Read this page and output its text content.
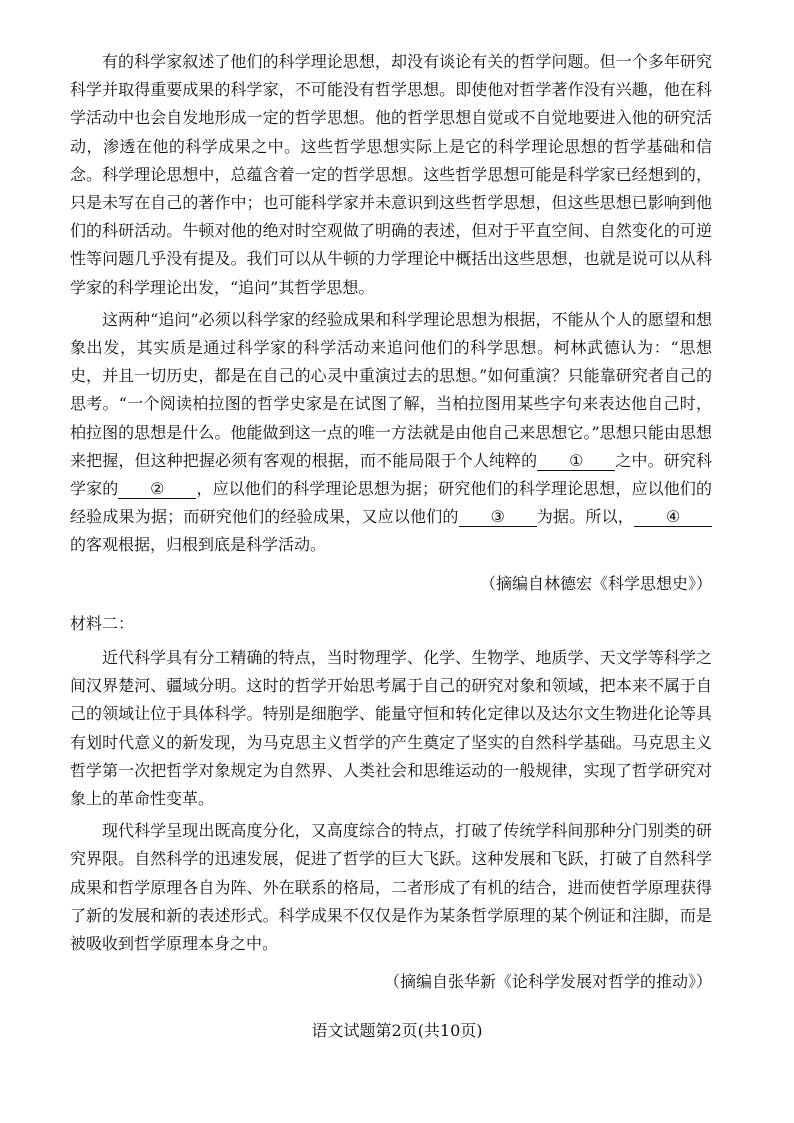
有的科学家叙述了他们的科学理论思想，却没有谈论有关的哲学问题。但一个多年研究科学并取得重要成果的科学家，不可能没有哲学思想。即使他对哲学著作没有兴趣，他在科学活动中也会自发地形成一定的哲学思想。他的哲学思想自觉或不自觉地要进入他的研究活动，渗透在他的科学成果之中。这些哲学思想实际上是它的科学理论思想的哲学基础和信念。科学理论思想中，总蕴含着一定的哲学思想。这些哲学思想可能是科学家已经想到的，只是未写在自己的著作中；也可能科学家并未意识到这些哲学思想，但这些思想已影响到他们的科研活动。牛顿对他的绝对时空观做了明确的表述，但对于平直空间、自然变化的可逆性等问题几乎没有提及。我们可以从牛顿的力学理论中概括出这些思想，也就是说可以从科学家的科学理论出发，“追问”其哲学思想。

这两种“追问”必须以科学家的经验成果和科学理论思想为根据，不能从个人的愿望和想象出发，其实质是通过科学家的科学活动来追问他们的科学思想。柯林武德认为：“思想史，并且一切历史，都是在自己的心灵中重演过去的思想。”如何重演？只能靠研究者自己的思考。“一个阅读柏拉图的哲学史家是在试图了解，当柏拉图用某些字句来表达他自己时，柏拉图的思想是什么。他能做到这一点的唯一方法就是由他自己来思想它。”思想只能由思想来把握，但这种把握必须有客观的根据，而不能局限于个人纯粹的 ① 之中。研究科学家的 ② ，应以他们的科学理论思想为据；研究他们的科学理论思想，应以他们的经验成果为据；而研究他们的经验成果，又应以他们的 ③ 为据。所以， ④的客观根据，归根到底是科学活动。

（摘编自林德宏《科学思想史》）

材料二：

近代科学具有分工精确的特点，当时物理学、化学、生物学、地质学、天文学等科学之间汉界楚河、疆域分明。这时的哲学开始思考属于自己的研究对象和领域，把本来不属于自己的领域让位于具体科学。特别是细胞学、能量守恒和转化定律以及达尔文生物进化论等具有划时代意义的新发现，为马克思主义哲学的产生奠定了坚实的自然科学基础。马克思主义哲学第一次把哲学对象规定为自然界、人类社会和思维运动的一般规律，实现了哲学研究对象上的革命性变革。

现代科学呈现出既高度分化，又高度综合的特点，打破了传统学科间那种分门别类的研究界限。自然科学的迅速发展，促进了哲学的巨大飞跃。这种发展和飞跃，打破了自然科学成果和哲学原理各自为阵、外在联系的格局，二者形成了有机的结合，进而使哲学原理获得了新的发展和新的表述形式。科学成果不仅仅是作为某条哲学原理的某个例证和注脚，而是被吸收到哲学原理本身之中。

（摘编自张华新《论科学发展对哲学的推动》）

语文试题第2页(共10页)
